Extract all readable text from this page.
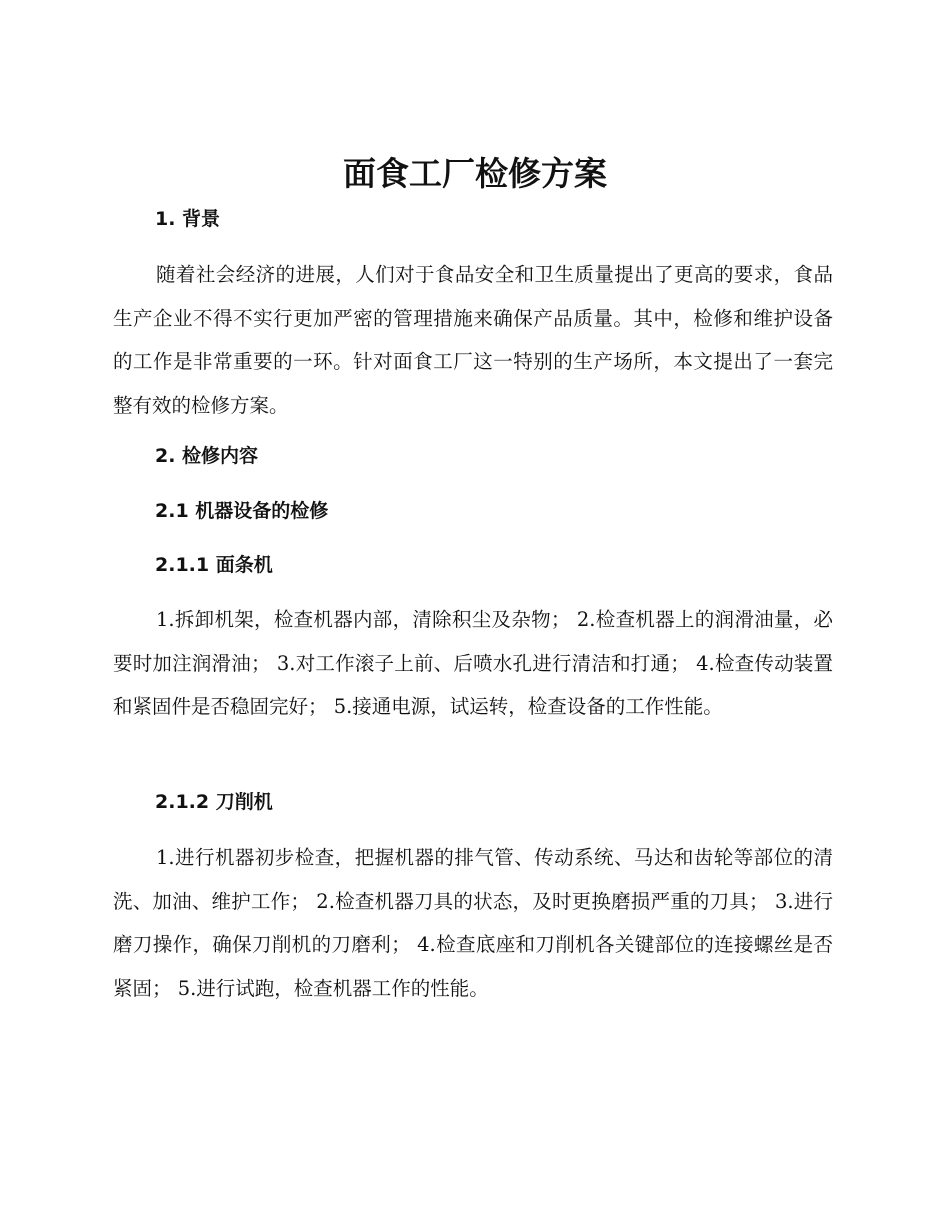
面食工厂检修方案
1. 背景

随着社会经济的进展，人们对于食品安全和卫生质量提出了更高的要求，食品生产企业不得不实行更加严密的管理措施来确保产品质量。其中，检修和维护设备的工作是非常重要的一环。针对面食工厂这一特别的生产场所，本文提出了一套完整有效的检修方案。

2. 检修内容
2.1 机器设备的检修
2.1.1 面条机

1.拆卸机架，检查机器内部，清除积尘及杂物； 2.检查机器上的润滑油量，必要时加注润滑油； 3.对工作滚子上前、后喷水孔进行清洁和打通； 4.检查传动装置和紧固件是否稳固完好； 5.接通电源，试运转，检查设备的工作性能。

2.1.2 刀削机

1.进行机器初步检查，把握机器的排气管、传动系统、马达和齿轮等部位的清洗、加油、维护工作； 2.检查机器刀具的状态，及时更换磨损严重的刀具； 3.进行磨刀操作，确保刀削机的刀磨利； 4.检查底座和刀削机各关键部位的连接螺丝是否紧固； 5.进行试跑，检查机器工作的性能。
